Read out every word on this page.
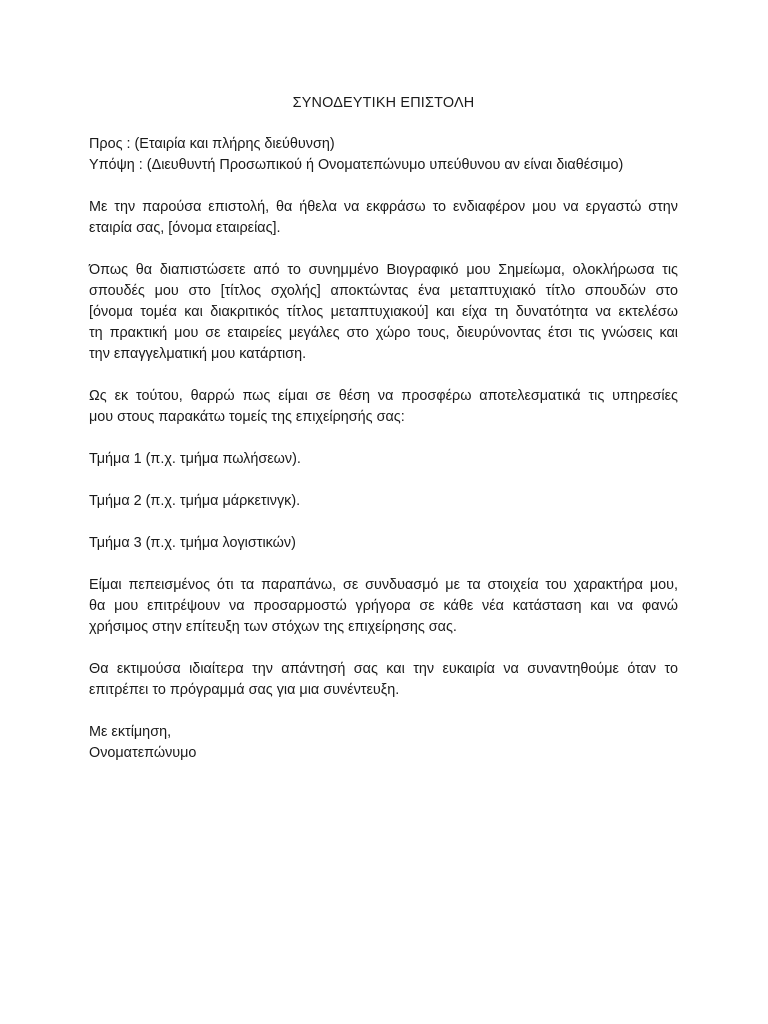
ΣΥΝΟΔΕΥΤΙΚΗ ΕΠΙΣΤΟΛΗ
Προς : (Εταιρία και πλήρης διεύθυνση)
Υπόψη : (Διευθυντή Προσωπικού ή Ονοματεπώνυμο υπεύθυνου αν είναι διαθέσιμο)
Με την παρούσα επιστολή, θα ήθελα να εκφράσω το ενδιαφέρον μου να εργαστώ στην
εταιρία σας, [όνομα εταιρείας].
Όπως θα διαπιστώσετε από το συνημμένο Βιογραφικό μου Σημείωμα, ολοκλήρωσα τις
σπουδές μου στο [τίτλος σχολής] αποκτώντας ένα μεταπτυχιακό τίτλο σπουδών στο
[όνομα τομέα και διακριτικός τίτλος μεταπτυχιακού] και είχα τη δυνατότητα να εκτελέσω
τη πρακτική μου σε εταιρείες μεγάλες στο χώρο τους, διευρύνοντας έτσι τις γνώσεις και
την επαγγελματική μου κατάρτιση.
Ως εκ τούτου, θαρρώ πως είμαι σε θέση να προσφέρω αποτελεσματικά τις υπηρεσίες
μου στους παρακάτω τομείς της επιχείρησής σας:
Τμήμα 1 (π.χ. τμήμα πωλήσεων).
Τμήμα 2 (π.χ. τμήμα μάρκετινγκ).
Τμήμα 3 (π.χ. τμήμα λογιστικών)
Είμαι πεπεισμένος ότι τα παραπάνω, σε συνδυασμό με τα στοιχεία του χαρακτήρα μου,
θα μου επιτρέψουν να προσαρμοστώ γρήγορα σε κάθε νέα κατάσταση και να φανώ
χρήσιμος στην επίτευξη των στόχων της επιχείρησης σας.
Θα εκτιμούσα ιδιαίτερα την απάντησή σας και την ευκαιρία να συναντηθούμε όταν το
επιτρέπει το πρόγραμμά σας για μια συνέντευξη.
Με εκτίμηση,
Ονοματεπώνυμο
